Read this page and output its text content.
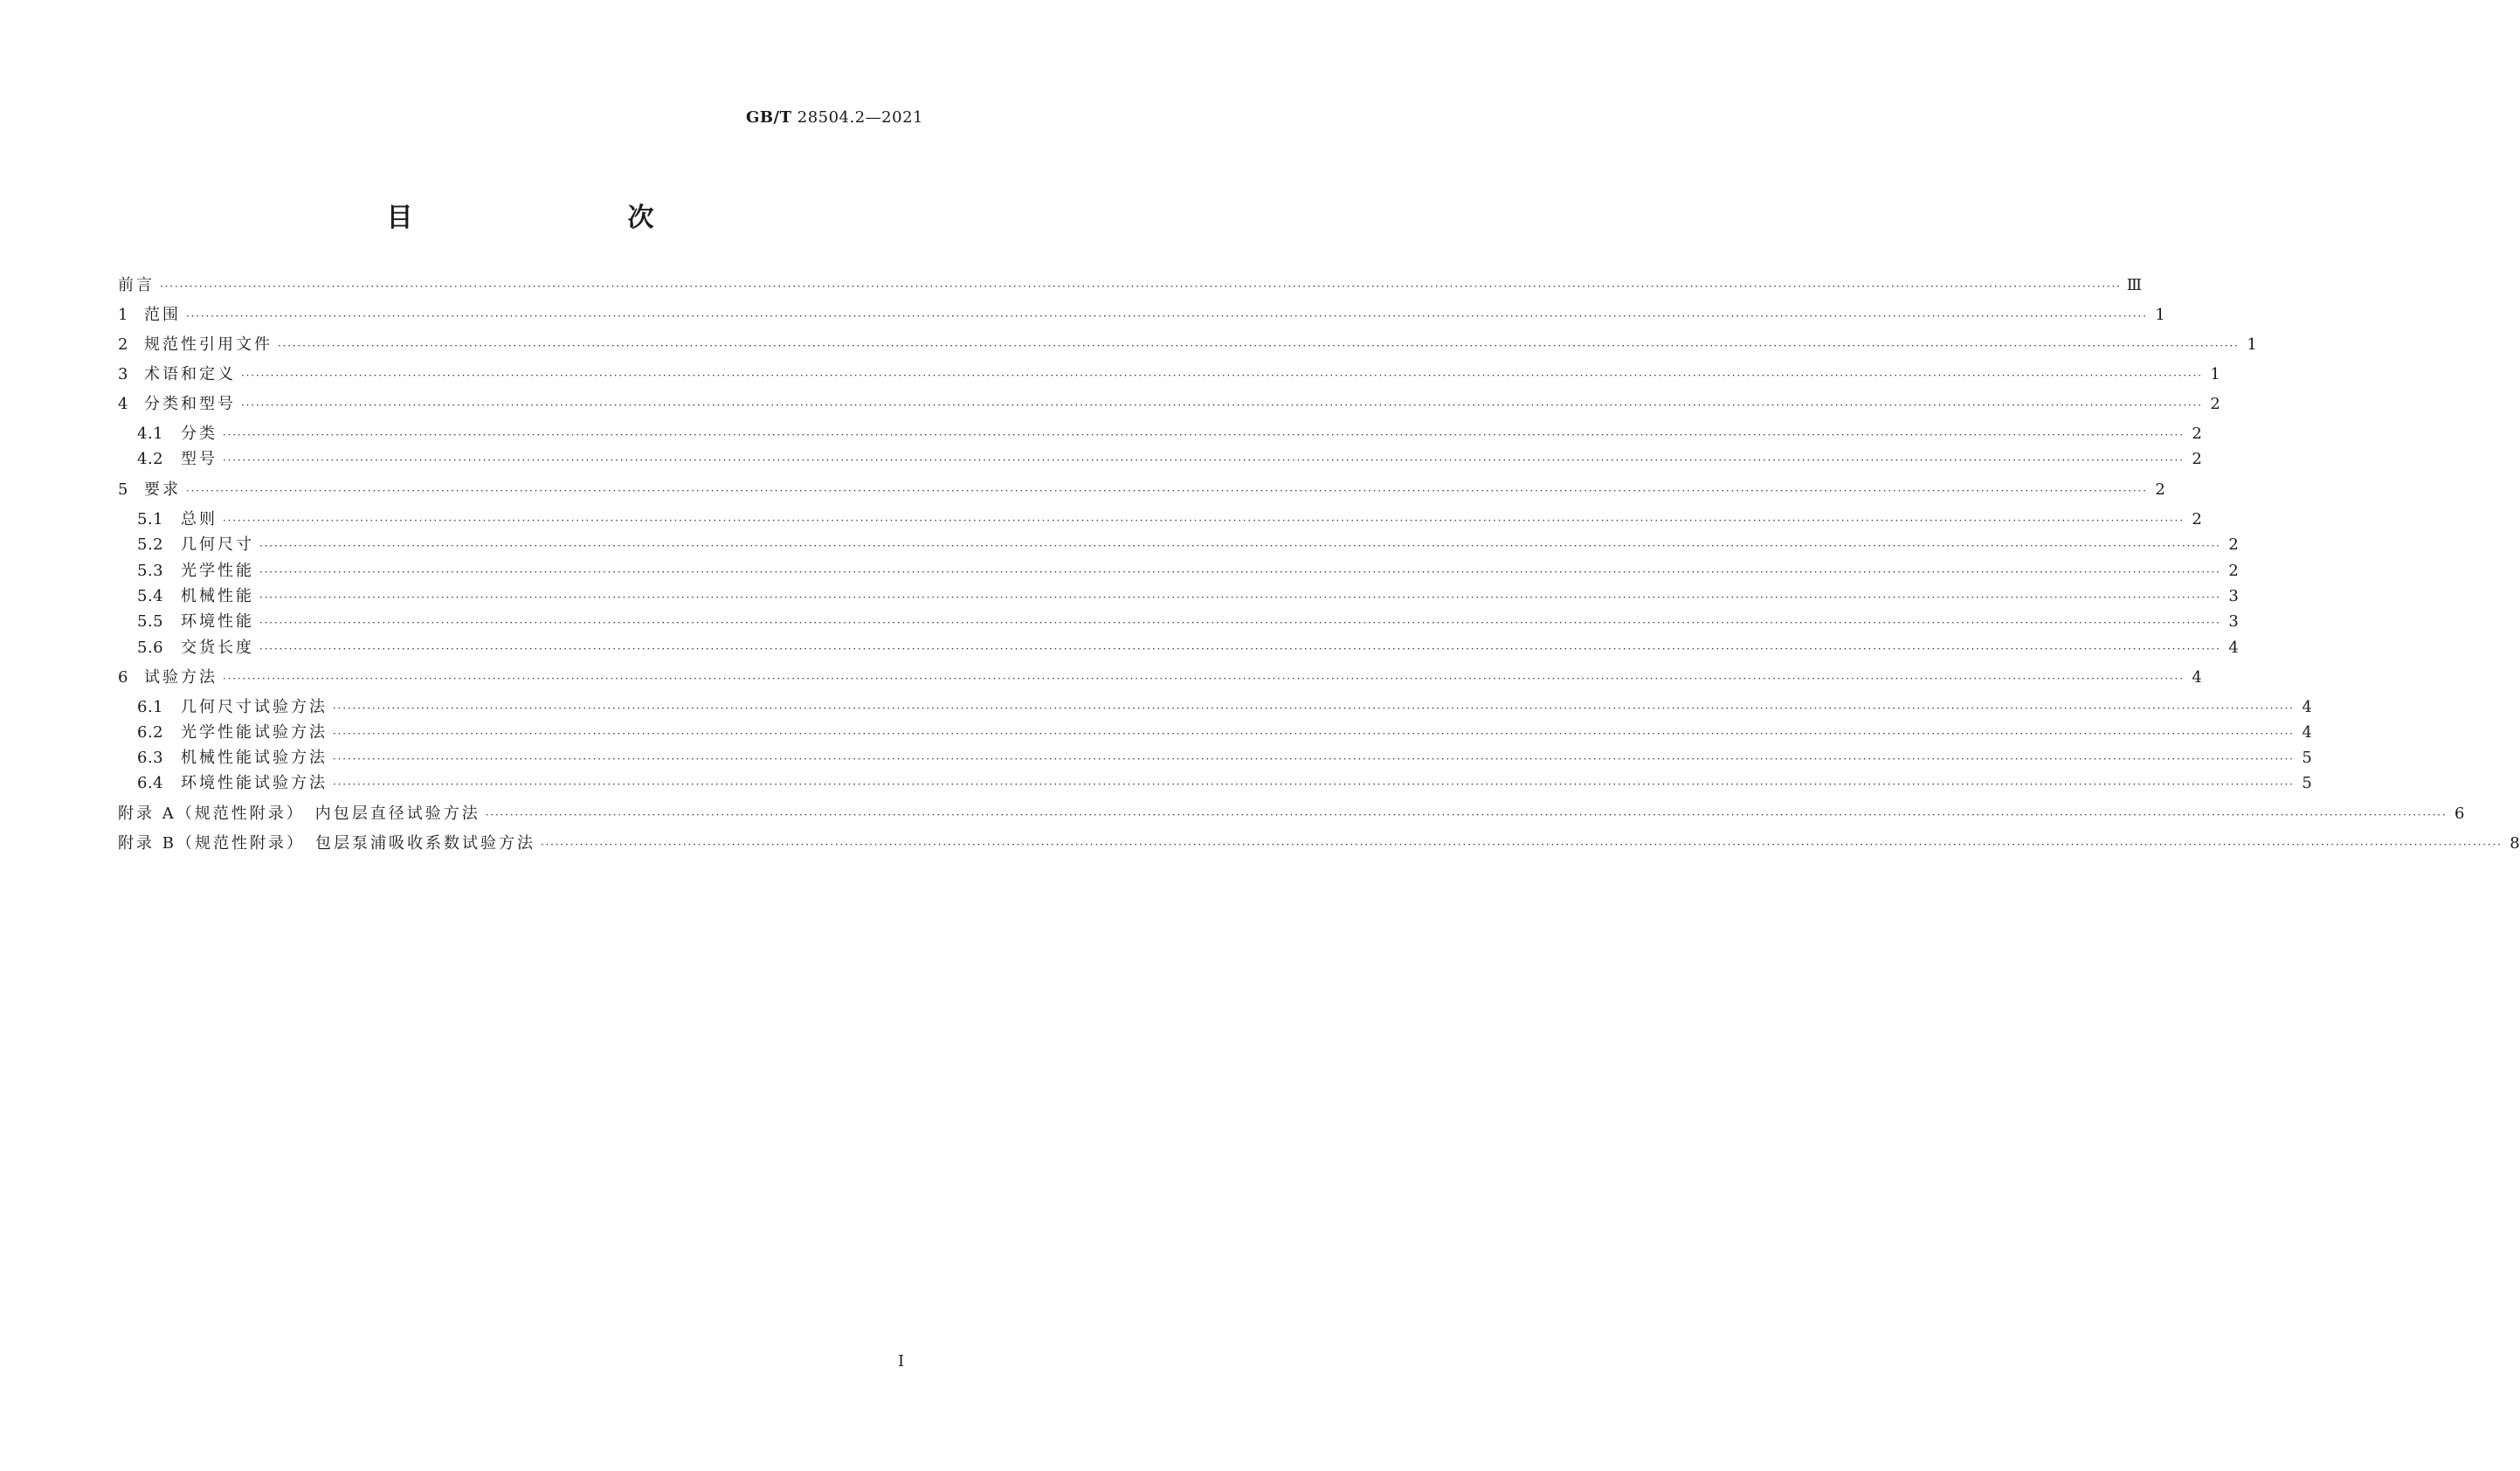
GB/T 28504.2—2021
目　　次
前言 ················································································································································································································································································································································································································ Ⅲ
1	范围 ················································································································································································································································································································································································································ 1
2	规范性引用文件 ················································································································································································································································································································································································································ 1
3	术语和定义 ················································································································································································································································································································································································································ 1
4	分类和型号 ················································································································································································································································································································································································································ 2
4.1	分类 ················································································································································································································································································································································································································ 2
4.2	型号 ················································································································································································································································································································································································································ 2
5	要求 ················································································································································································································································································································································································································ 2
5.1	总则 ················································································································································································································································································································································································································ 2
5.2	几何尺寸 ················································································································································································································································································································································································································ 2
5.3	光学性能 ················································································································································································································································································································································································································ 2
5.4	机械性能 ················································································································································································································································································································································································································ 3
5.5	环境性能 ················································································································································································································································································································································································································ 3
5.6	交货长度 ················································································································································································································································································································································································································ 4
6	试验方法 ················································································································································································································································································································································································································ 4
6.1	几何尺寸试验方法 ················································································································································································································································································································································································································ 4
6.2	光学性能试验方法 ················································································································································································································································································································································································································ 4
6.3	机械性能试验方法 ················································································································································································································································································································································································································ 5
6.4	环境性能试验方法 ················································································································································································································································································································································································································ 5
附录 A（规范性附录）　内包层直径试验方法 ················································································································································································································································································································································································································ 6
附录 B（规范性附录）　包层泵浦吸收系数试验方法 ················································································································································································································································································································································································································ 8
I
